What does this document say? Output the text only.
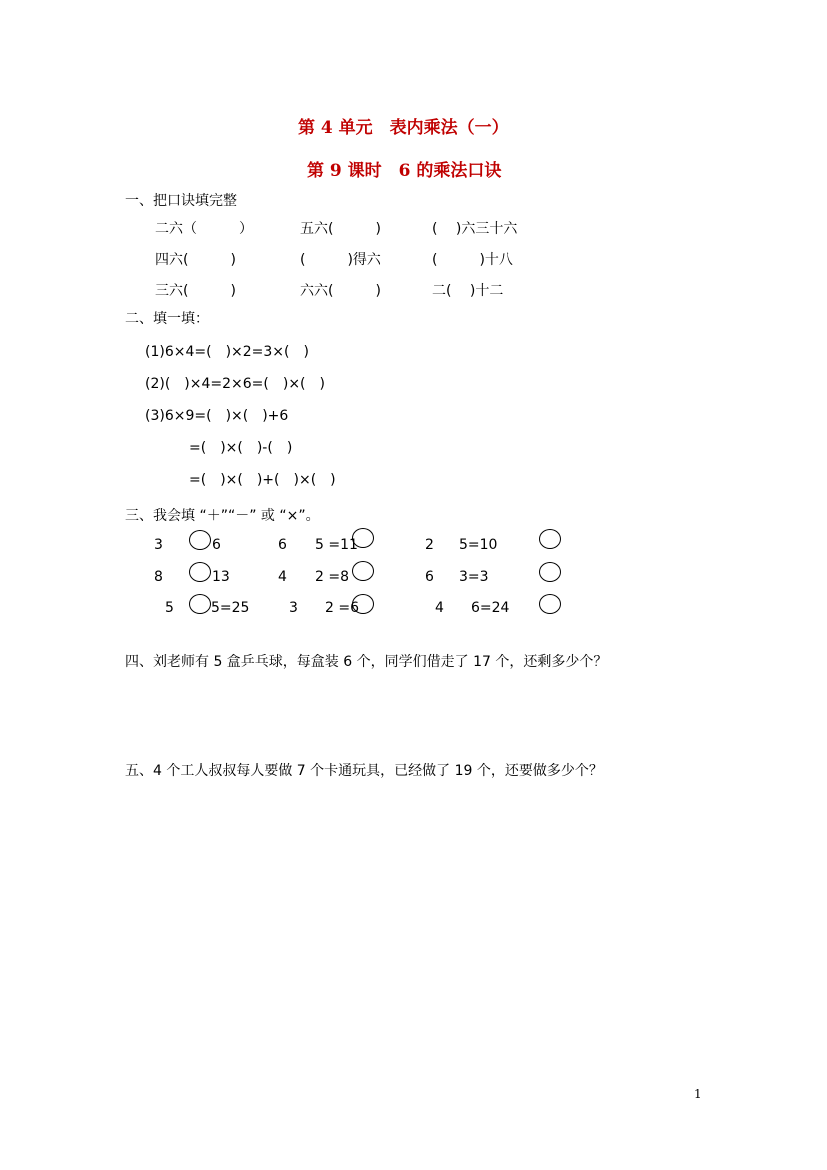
第 4 单元　表内乘法（一）
第 9 课时　6 的乘法口诀
一、把口诀填完整
二六（　　　）	五六(　　　)	(　 )六三十六
四六(　　　)	(　　　)得六	(　　　)十八
三六(　　　)	六六(　　　)	二(　 )十二
二、填一填：
(1)6×4=(　)×2=3×(　)
(2)(　)×4=2×6=(　)×(　)
(3)6×9=(　)×(　)+6
=(　)×(　)-(　)
=(　)×(　)+(　)×(　)
三、我会填 “＋”“－” 或 “×”。
3	6	6 5 =11	2 5=10
8	13	4 2 =8	6 3=3
5	5=25	3 2 =6	4 6=24
四、刘老师有 5 盒乒乓球，每盒装 6 个，同学们借走了 17 个，还剩多少个？
五、4 个工人叔叔每人要做 7 个卡通玩具，已经做了 19 个，还要做多少个？
1
